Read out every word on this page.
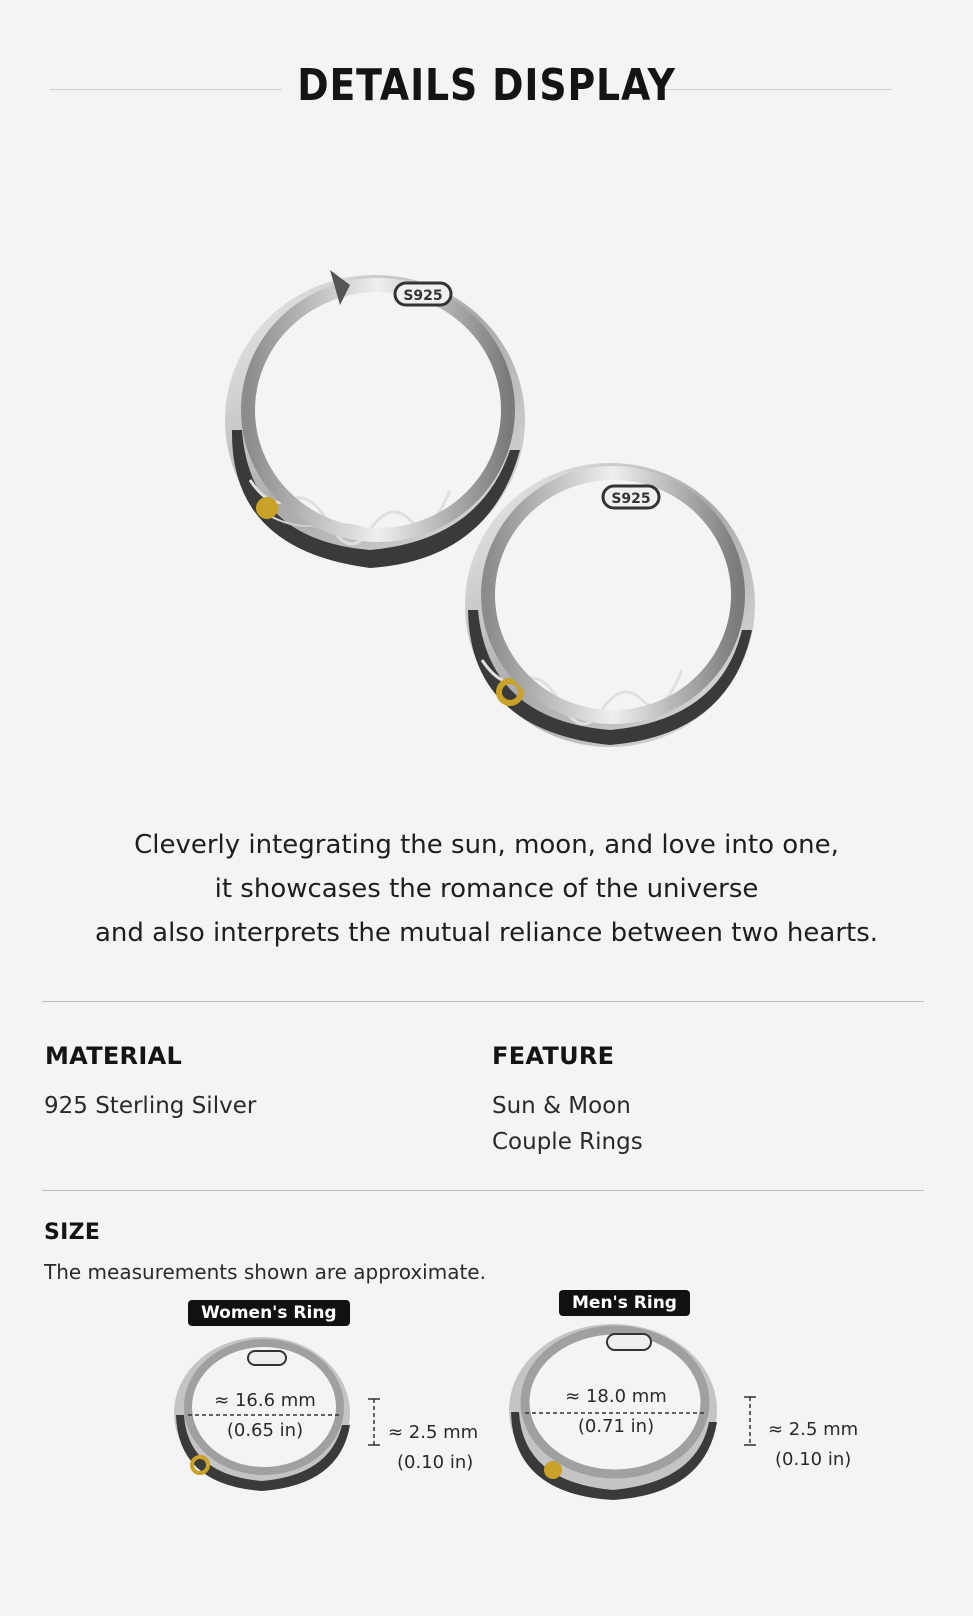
DETAILS DISPLAY
S925
S925
Cleverly integrating the sun, moon, and love into one,
it showcases the romance of the universe
and also interprets the mutual reliance between two hearts.
MATERIAL
925 Sterling Silver
FEATURE
Sun & Moon
Couple Rings
SIZE
The measurements shown are approximate.
Women's Ring
≈ 16.6 mm
(0.65 in)	≈ 2.5 mm
(0.10 in)
Men's Ring
≈ 18.0 mm
(0.71 in)	≈ 2.5 mm
(0.10 in)
